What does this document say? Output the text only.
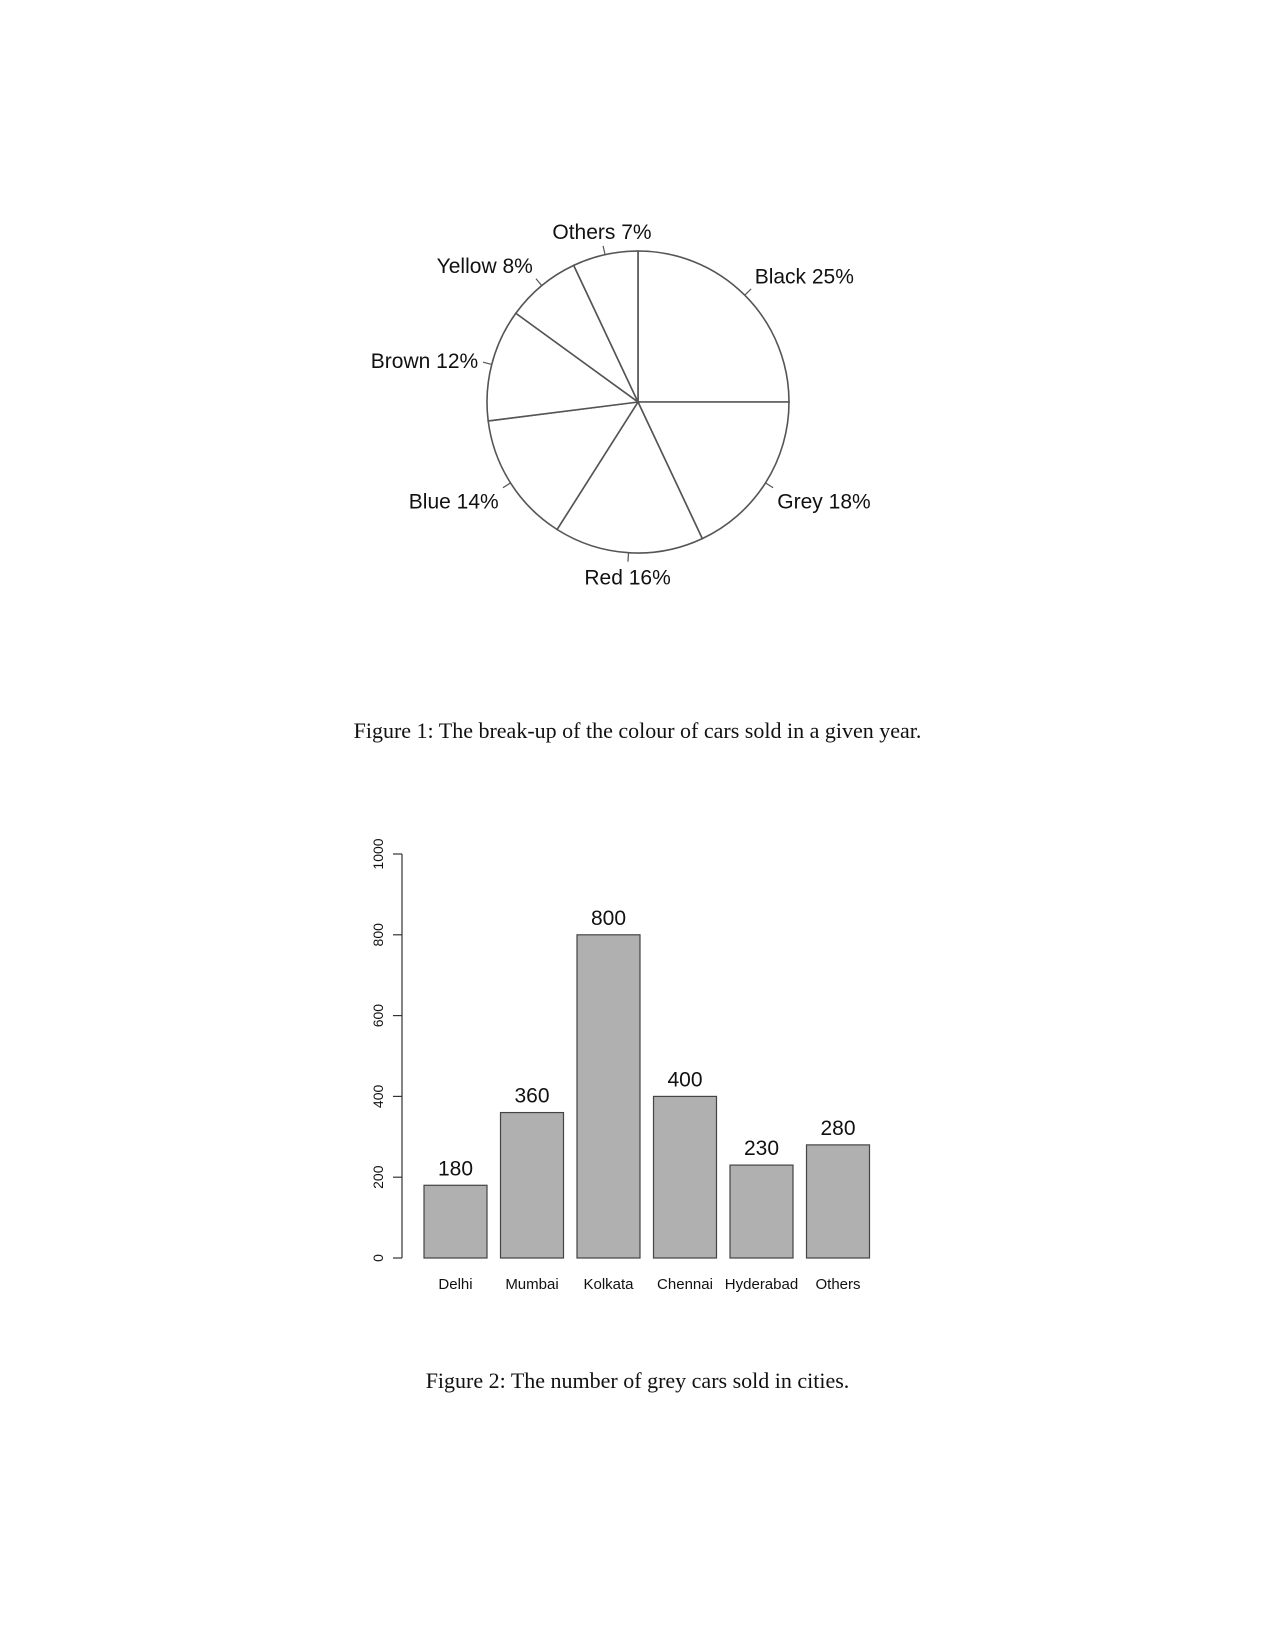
Black 25%
Grey 18%
Red 16%
Blue 14%
Brown 12%
Yellow 8%
Others 7%
Figure 1: The break-up of the colour of cars sold in a given year.
0
200
400
600
800
1000
180
Delhi
360
Mumbai
800
Kolkata
400
Chennai
230
Hyderabad
280
Others
Figure 2: The number of grey cars sold in cities.
